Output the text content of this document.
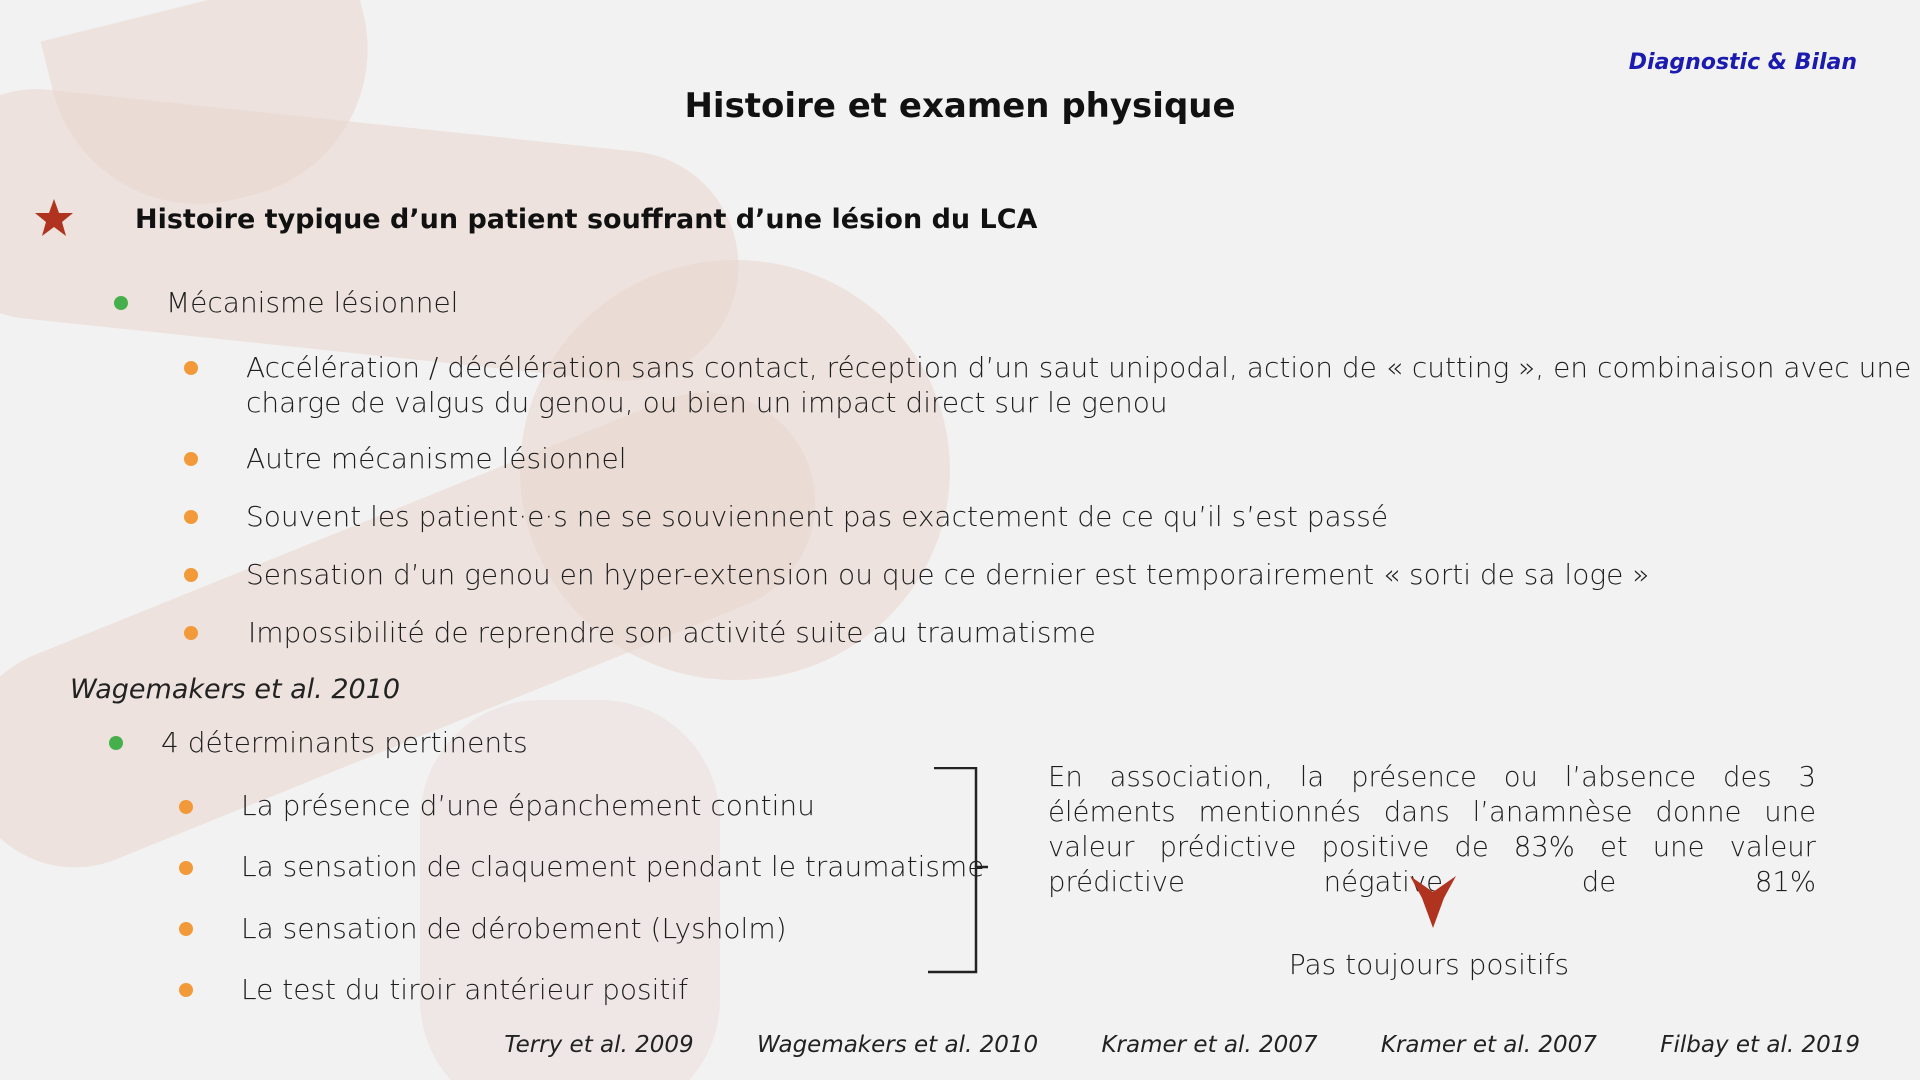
Diagnostic & Bilan
Histoire et examen physique
Histoire typique d’un patient souffrant d’une lésion du LCA
Mécanisme lésionnel
Accélération / décélération sans contact, réception d’un saut unipodal, action de « cutting », en combinaison avec une
charge de valgus du genou, ou bien un impact direct sur le genou
Autre mécanisme lésionnel
Souvent les patient·e·s ne se souviennent pas exactement de ce qu’il s’est passé
Sensation d’un genou en hyper-extension ou que ce dernier est temporairement « sorti de sa loge »
Impossibilité de reprendre son activité suite au traumatisme
Wagemakers et al. 2010
4 déterminants pertinents
La présence d’une épanchement continu
La sensation de claquement pendant le traumatisme
La sensation de dérobement (Lysholm)
Le test du tiroir antérieur positif
En association, la présence ou l’absence des 3 éléments mentionnés dans l’anamnèse donne une valeur prédictive positive de 83% et une valeur prédictive négative de 81%
Pas toujours positifs
Terry et al. 2009	Wagemakers et al. 2010	Kramer et al. 2007	Kramer et al. 2007	Filbay et al. 2019
